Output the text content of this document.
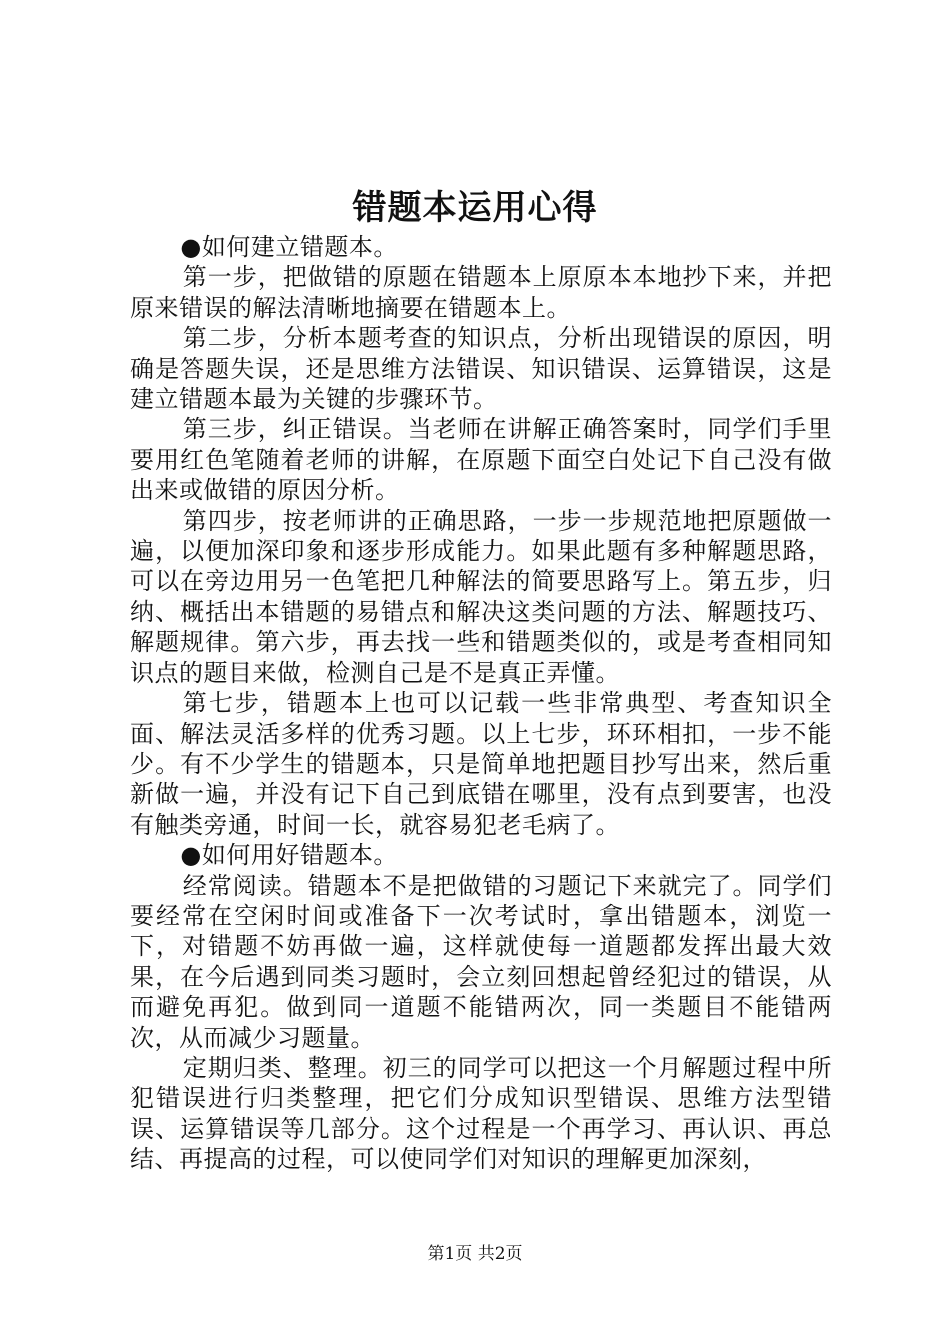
错题本运用心得

●如何建立错题本。

第一步，把做错的原题在错题本上原原本本地抄下来，并把原来错误的解法清晰地摘要在错题本上。

第二步，分析本题考查的知识点，分析出现错误的原因，明确是答题失误，还是思维方法错误、知识错误、运算错误，这是建立错题本最为关键的步骤环节。

第三步，纠正错误。当老师在讲解正确答案时，同学们手里要用红色笔随着老师的讲解，在原题下面空白处记下自己没有做出来或做错的原因分析。

第四步，按老师讲的正确思路，一步一步规范地把原题做一遍，以便加深印象和逐步形成能力。如果此题有多种解题思路，可以在旁边用另一色笔把几种解法的简要思路写上。第五步，归纳、概括出本错题的易错点和解决这类问题的方法、解题技巧、解题规律。第六步，再去找一些和错题类似的，或是考查相同知识点的题目来做，检测自己是不是真正弄懂。

第七步，错题本上也可以记载一些非常典型、考查知识全面、解法灵活多样的优秀习题。以上七步，环环相扣，一步不能少。有不少学生的错题本，只是简单地把题目抄写出来，然后重新做一遍，并没有记下自己到底错在哪里，没有点到要害，也没有触类旁通，时间一长，就容易犯老毛病了。

●如何用好错题本。

经常阅读。错题本不是把做错的习题记下来就完了。同学们要经常在空闲时间或准备下一次考试时，拿出错题本，浏览一下，对错题不妨再做一遍，这样就使每一道题都发挥出最大效果，在今后遇到同类习题时，会立刻回想起曾经犯过的错误，从而避免再犯。做到同一道题不能错两次，同一类题目不能错两次，从而减少习题量。

定期归类、整理。初三的同学可以把这一个月解题过程中所犯错误进行归类整理，把它们分成知识型错误、思维方法型错误、运算错误等几部分。这个过程是一个再学习、再认识、再总结、再提高的过程，可以使同学们对知识的理解更加深刻，

第1页 共2页
